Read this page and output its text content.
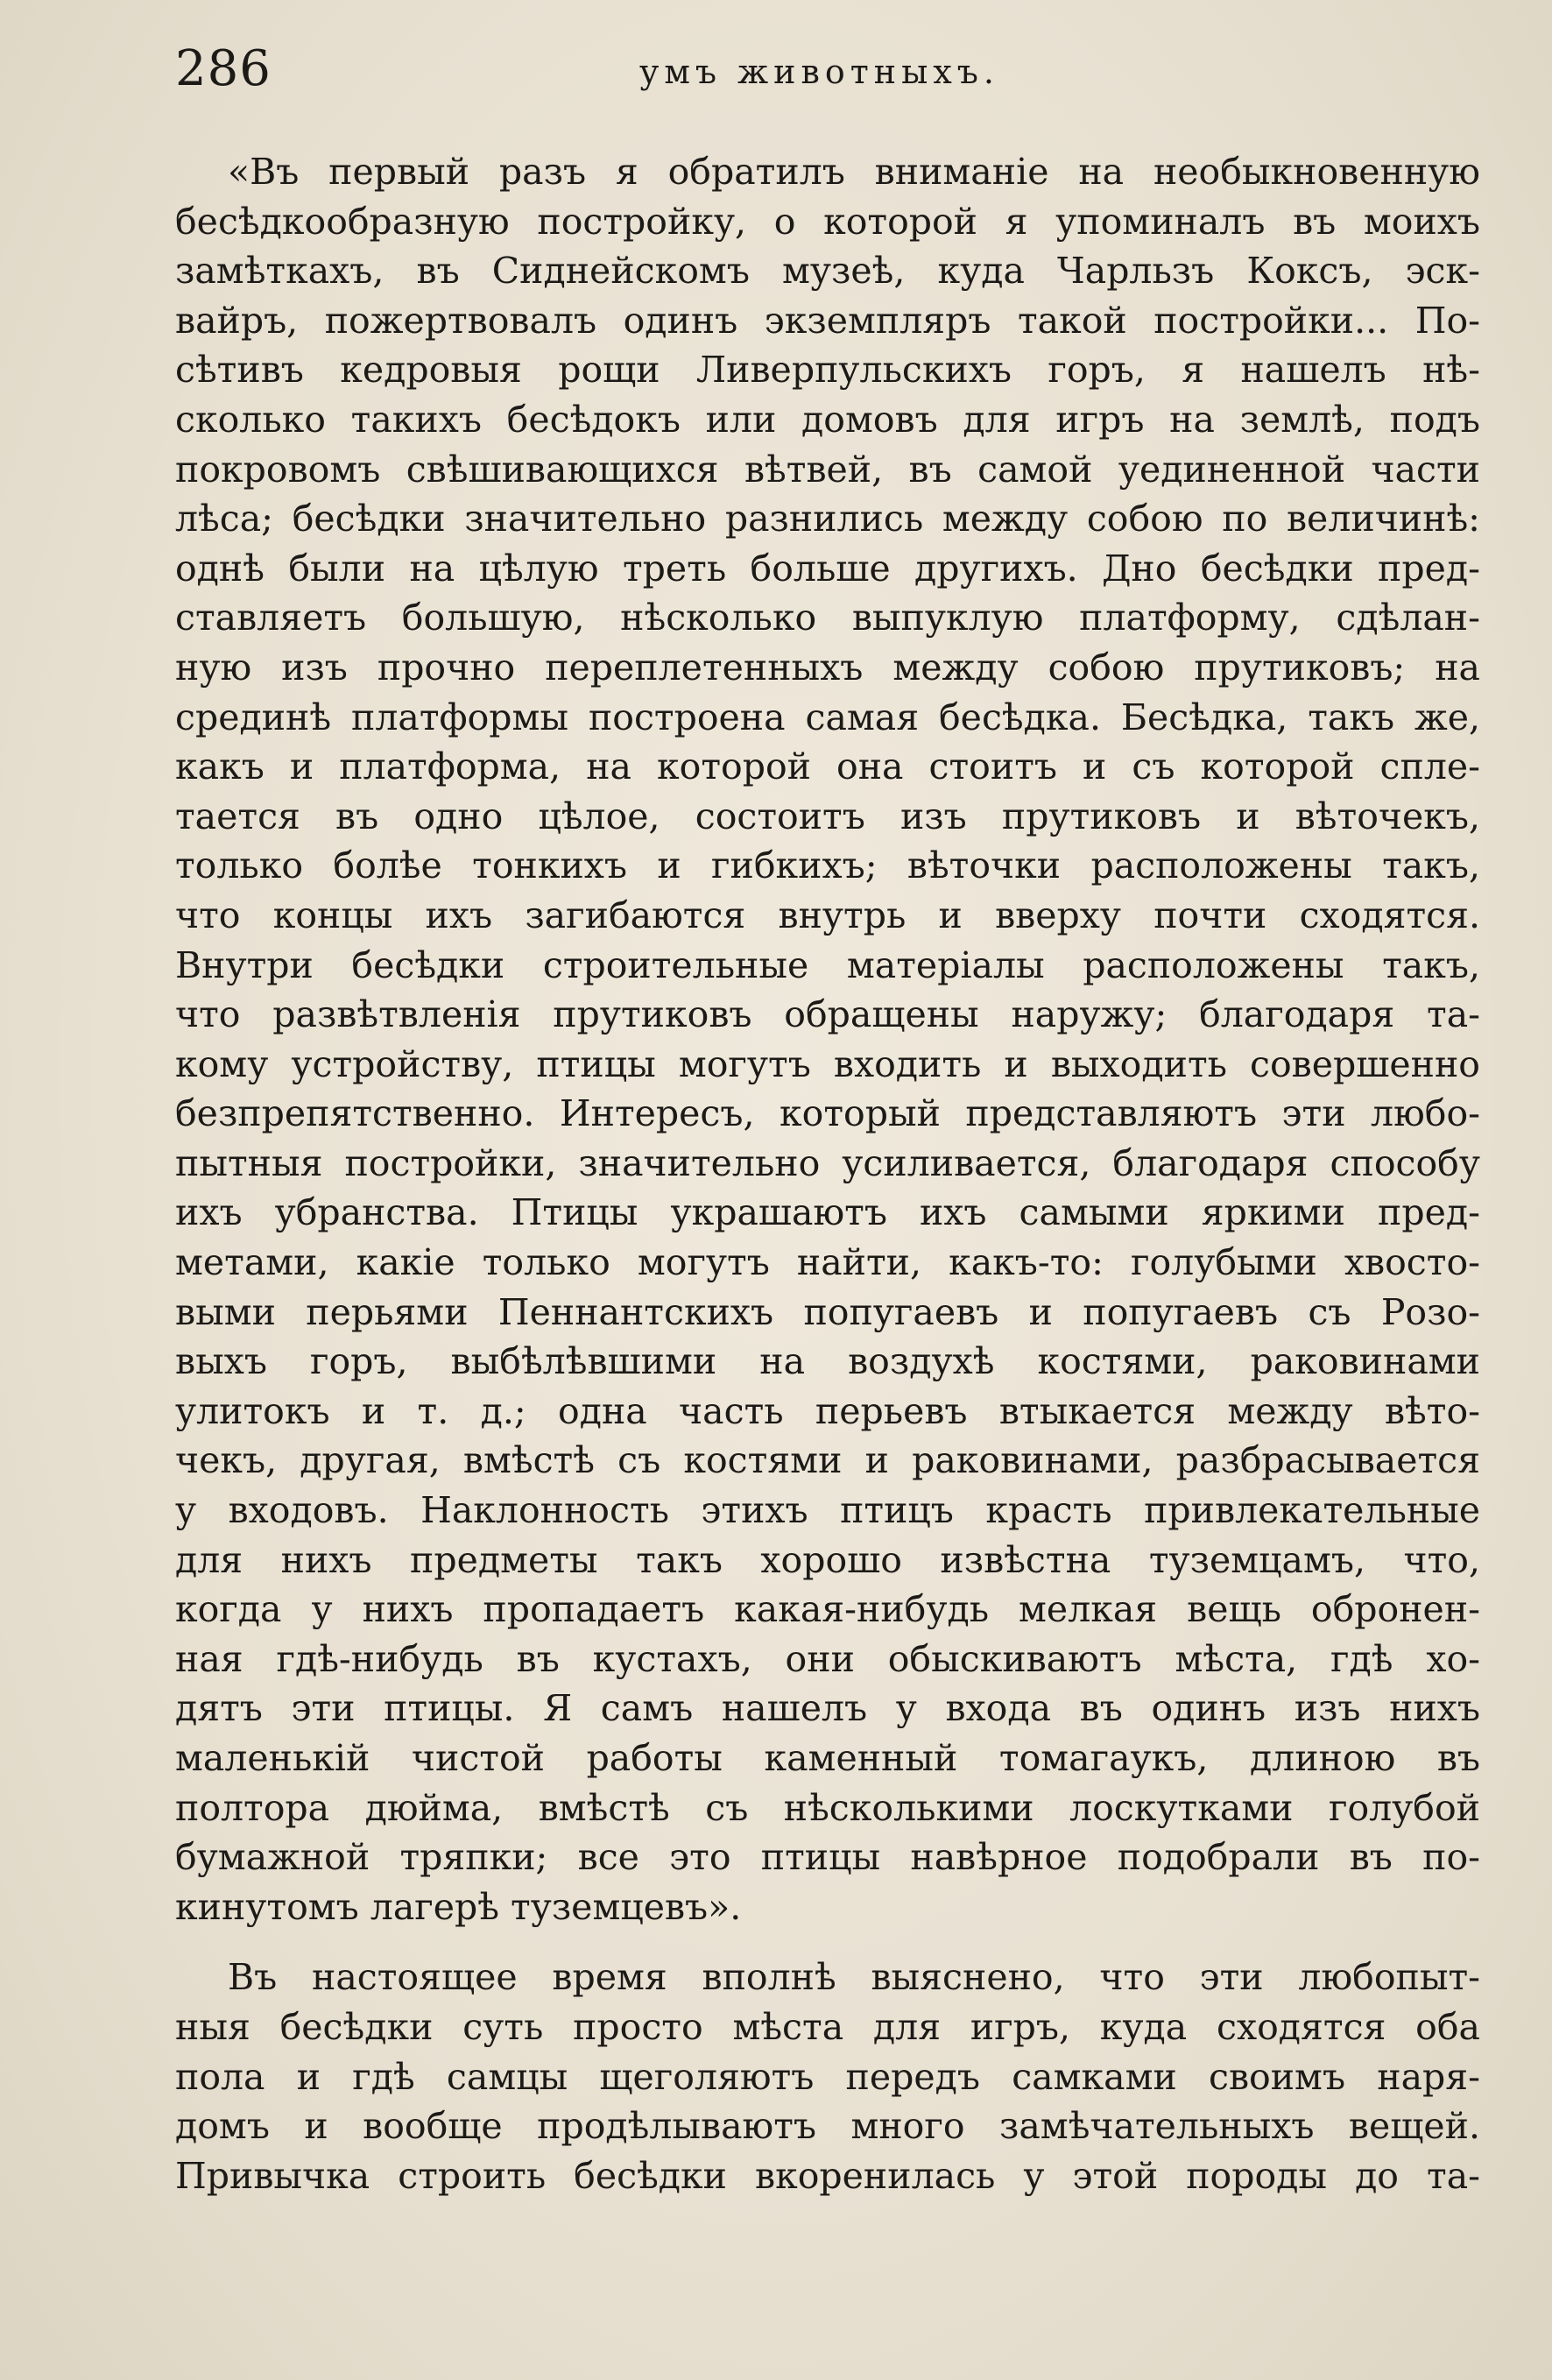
286	умъ животныхъ.
«Въ первый разъ я обратилъ вниманіе на необыкновенную
бесѣдкообразную постройку, о которой я упоминалъ въ моихъ
замѣткахъ, въ Сиднейскомъ музеѣ, куда Чарльзъ Коксъ, эск-
вайръ, пожертвовалъ одинъ экземпляръ такой постройки... По-
сѣтивъ кедровыя рощи Ливерпульскихъ горъ, я нашелъ нѣ-
сколько такихъ бесѣдокъ или домовъ для игръ на землѣ, подъ
покровомъ свѣшивающихся вѣтвей, въ самой уединенной части
лѣса; бесѣдки значительно разнились между собою по величинѣ:
однѣ были на цѣлую треть больше другихъ. Дно бесѣдки пред-
ставляетъ большую, нѣсколько выпуклую платформу, сдѣлан-
ную изъ прочно переплетенныхъ между собою прутиковъ; на
срединѣ платформы построена самая бесѣдка. Бесѣдка, такъ же,
какъ и платформа, на которой она стоитъ и съ которой спле-
тается въ одно цѣлое, состоитъ изъ прутиковъ и вѣточекъ,
только болѣе тонкихъ и гибкихъ; вѣточки расположены такъ,
что концы ихъ загибаются внутрь и вверху почти сходятся.
Внутри бесѣдки строительные матеріалы расположены такъ,
что развѣтвленія прутиковъ обращены наружу; благодаря та-
кому устройству, птицы могутъ входить и выходить совершенно
безпрепятственно. Интересъ, который представляютъ эти любо-
пытныя постройки, значительно усиливается, благодаря способу
ихъ убранства. Птицы украшаютъ ихъ самыми яркими пред-
метами, какіе только могутъ найти, какъ-то: голубыми хвосто-
выми перьями Пеннантскихъ попугаевъ и попугаевъ съ Розо-
выхъ горъ, выбѣлѣвшими на воздухѣ костями, раковинами
улитокъ и т. д.; одна часть перьевъ втыкается между вѣто-
чекъ, другая, вмѣстѣ съ костями и раковинами, разбрасывается
у входовъ. Наклонность этихъ птицъ красть привлекательные
для нихъ предметы такъ хорошо извѣстна туземцамъ, что,
когда у нихъ пропадаетъ какая-нибудь мелкая вещь обронен-
ная гдѣ-нибудь въ кустахъ, они обыскиваютъ мѣста, гдѣ хо-
дятъ эти птицы. Я самъ нашелъ у входа въ одинъ изъ нихъ
маленькій чистой работы каменный томагаукъ, длиною въ
полтора дюйма, вмѣстѣ съ нѣсколькими лоскутками голубой
бумажной тряпки; все это птицы навѣрное подобрали въ по-
кинутомъ лагерѣ туземцевъ».
Въ настоящее время вполнѣ выяснено, что эти любопыт-
ныя бесѣдки суть просто мѣста для игръ, куда сходятся оба
пола и гдѣ самцы щеголяютъ передъ самками своимъ наря-
домъ и вообще продѣлываютъ много замѣчательныхъ вещей.
Привычка строить бесѣдки вкоренилась у этой породы до та-
